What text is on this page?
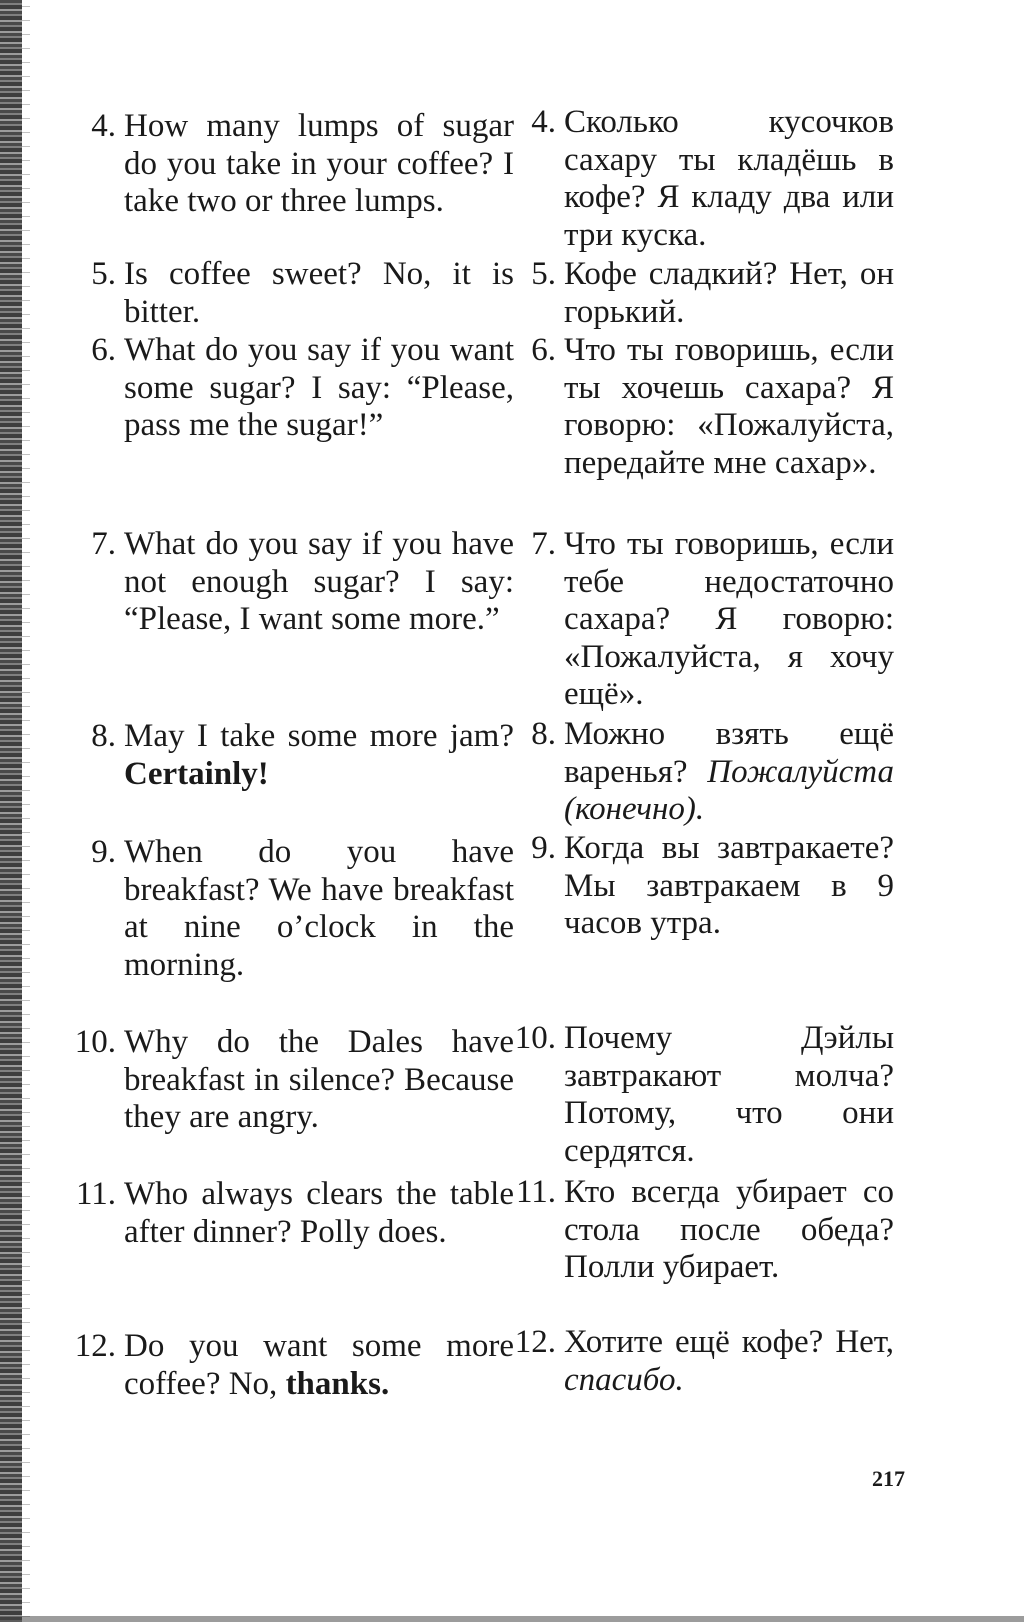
4. How many lumps of sugar do you take in your coffee? I take two or three lumps.
5. Is coffee sweet? No, it is bitter.
6. What do you say if you want some sugar? I say: “Please, pass me the sugar!”
7. What do you say if you have not enough sugar? I say: “Please, I want some more.”
8. May I take some more jam? Certainly!
9. When do you have breakfast? We have breakfast at nine o’clock in the morning.
10. Why do the Dales have breakfast in silence? Because they are angry.
11. Who always clears the table after dinner? Polly does.
12. Do you want some more coffee? No, thanks.
4. Сколько кусочков сахару ты кладёшь в кофе? Я кладу два или три куска.
5. Кофе сладкий? Нет, он горький.
6. Что ты говоришь, если ты хочешь сахара? Я говорю: «Пожалуйста, передайте мне сахар».
7. Что ты говоришь, если тебе недостаточно сахара? Я говорю: «Пожалуйста, я хочу ещё».
8. Можно взять ещё варенья? Пожалуйста (конечно).
9. Когда вы завтракаете? Мы завтракаем в 9 часов утра.
10. Почему Дэйлы завтракают молча? Потому, что они сердятся.
11. Кто всегда убирает со стола после обеда? Полли убирает.
12. Хотите ещё кофе? Нет, спасибо.
217
